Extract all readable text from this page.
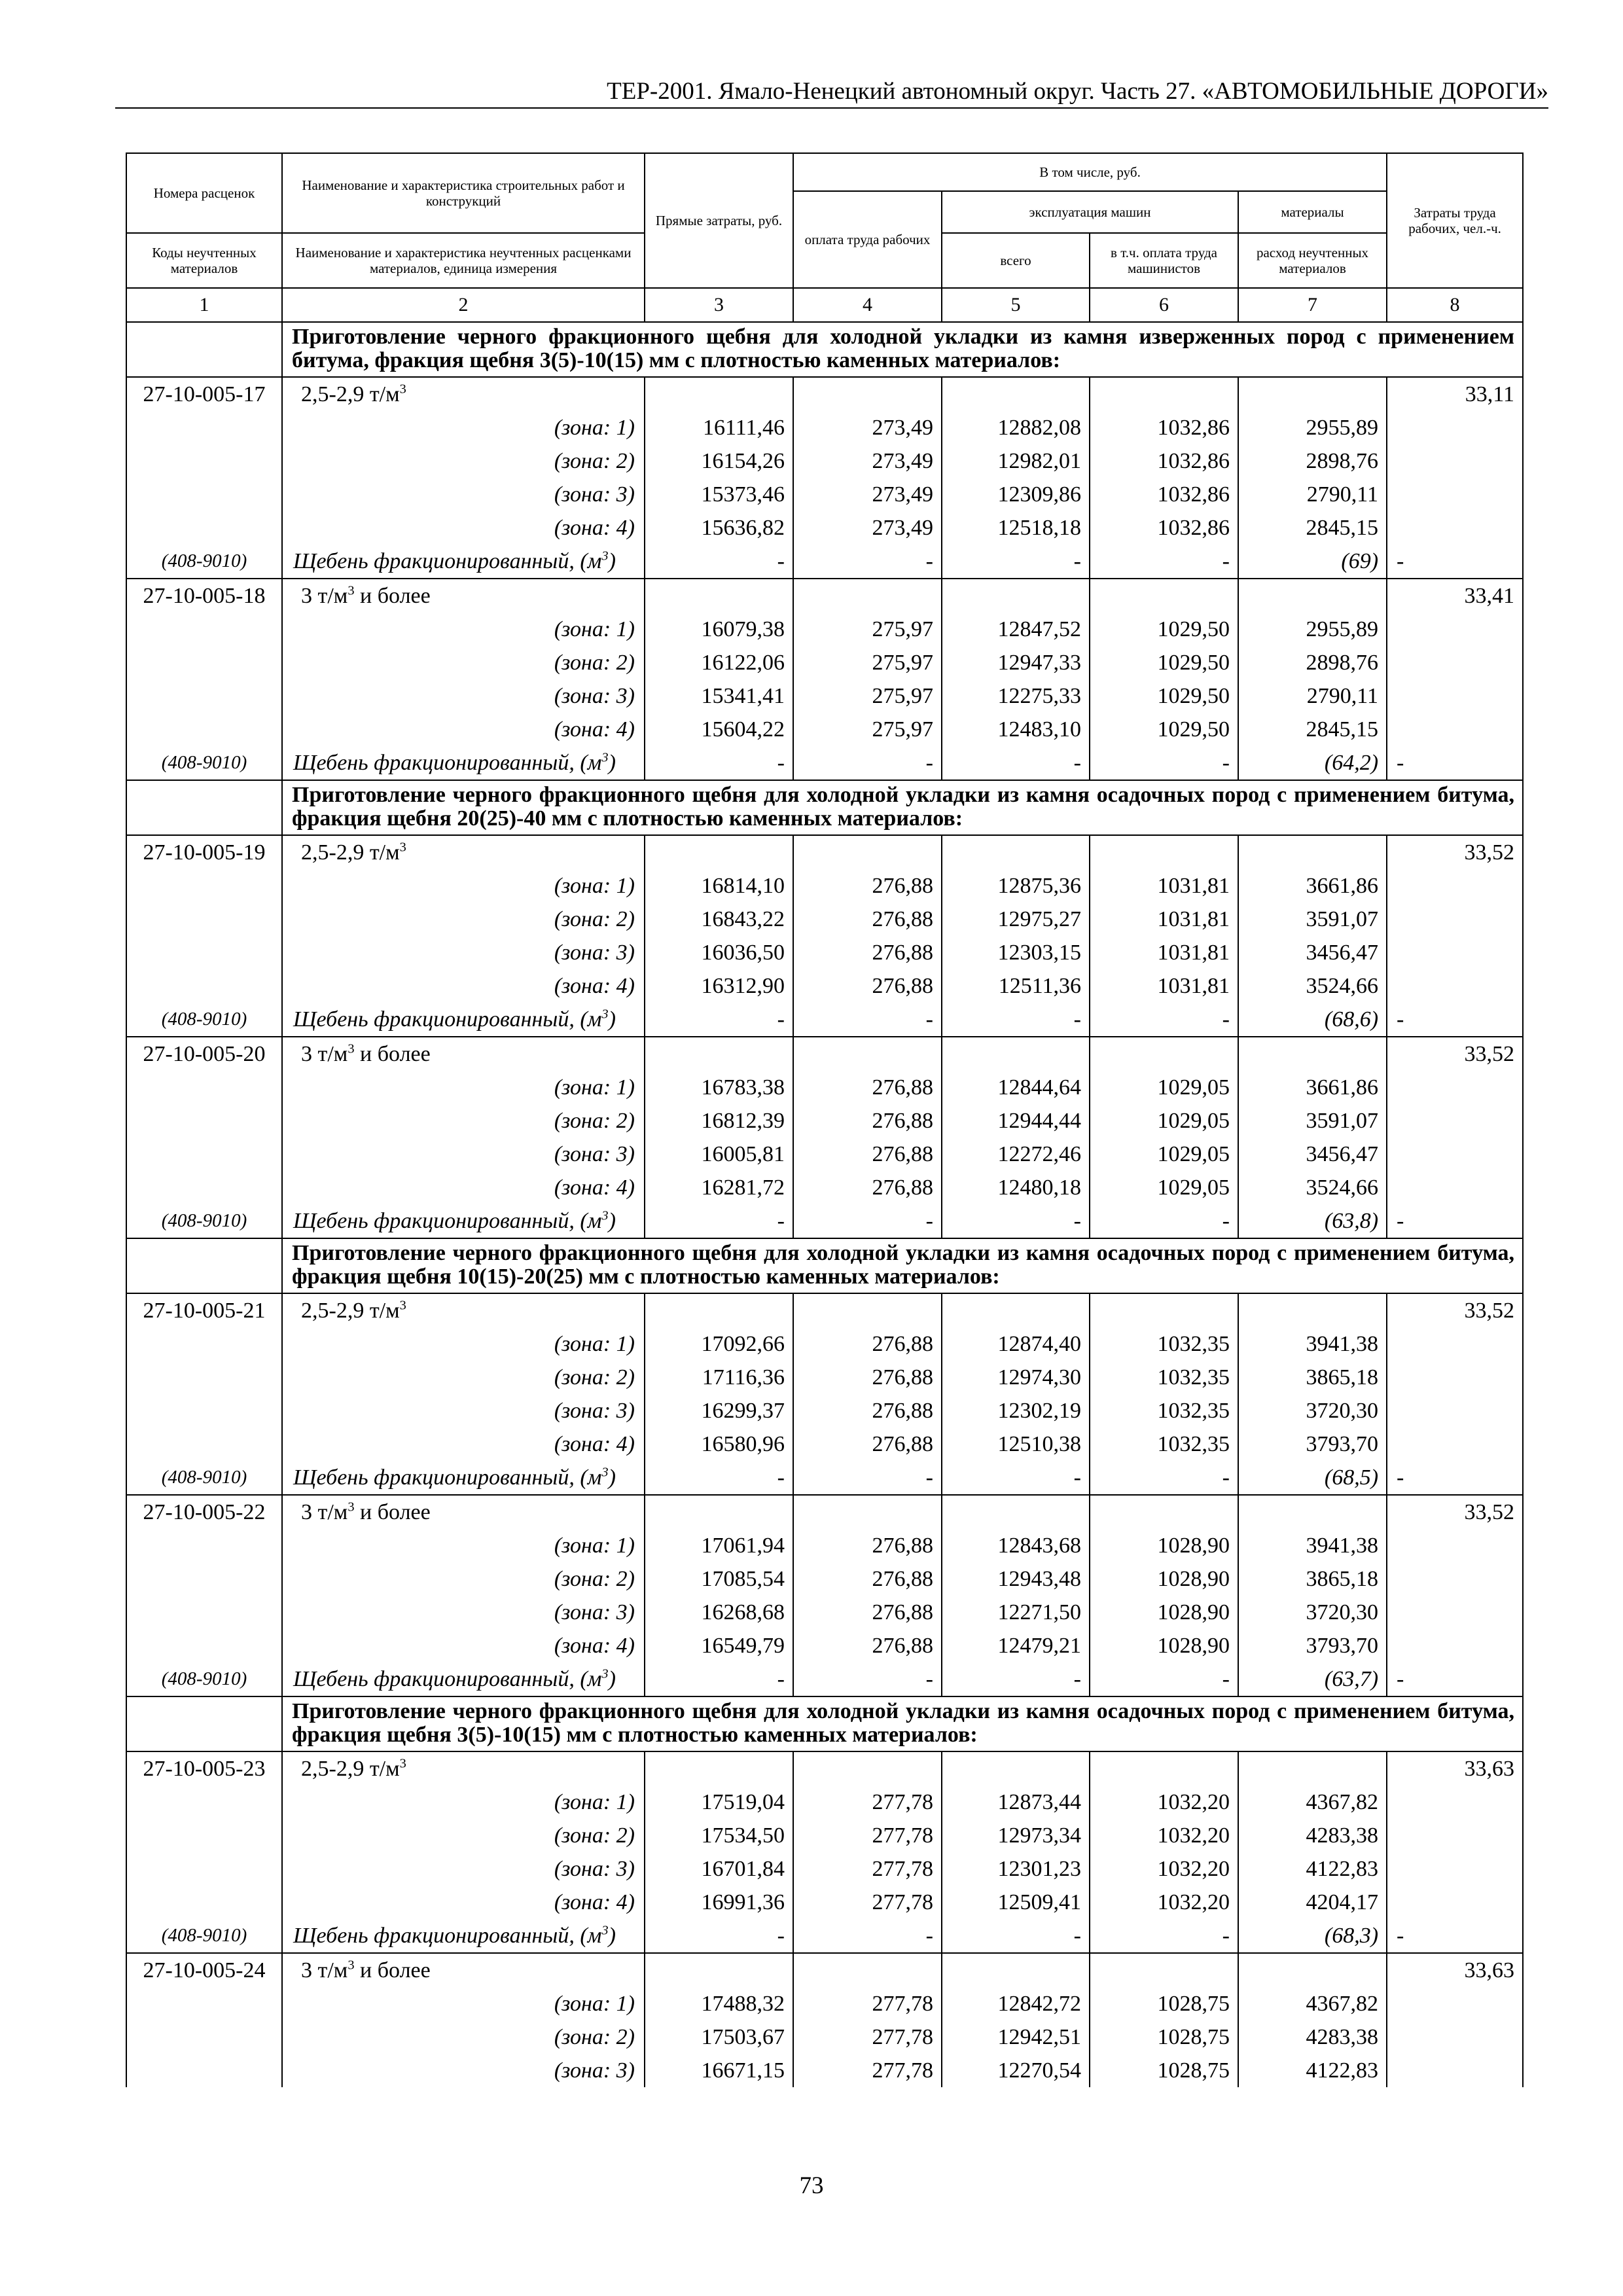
ТЕР-2001. Ямало-Ненецкий автономный округ. Часть 27. «АВТОМОБИЛЬНЫЕ ДОРОГИ»
Номера расценок	Наименование и характеристика строительных работ и конструкций	Прямые затраты, руб.	В том числе, руб.				Затраты труда рабочих, чел.-ч.
			оплата труда рабочих	эксплуатация машин		материалы	
Коды неучтенных материалов	Наименование и характеристика неучтенных расценками материалов, единица измерения			всего	в т.ч. оплата труда машинистов	расход неучтенных материалов	
1	2	3	4	5	6	7	8
	Приготовление черного фракционного щебня для холодной укладки из камня изверженных пород с применением битума, фракция щебня 3(5)-10(15) мм с плотностью каменных материалов:						
27-10-005-17	2,5-2,9 $т/м^3$						33,11
	(зона: 1)	16111,46	273,49	12882,08	1032,86	2955,89	
	(зона: 2)	16154,26	273,49	12982,01	1032,86	2898,76	
	(зона: 3)	15373,46	273,49	12309,86	1032,86	2790,11	
	(зона: 4)	15636,82	273,49	12518,18	1032,86	2845,15	
(408-9010)	Щебень фракционированный, $(м^3)$	-	-	-	-	(69)	-
27-10-005-18	3 $т/м^3$ и более						33,41
	(зона: 1)	16079,38	275,97	12847,52	1029,50	2955,89	
	(зона: 2)	16122,06	275,97	12947,33	1029,50	2898,76	
	(зона: 3)	15341,41	275,97	12275,33	1029,50	2790,11	
	(зона: 4)	15604,22	275,97	12483,10	1029,50	2845,15	
(408-9010)	Щебень фракционированный, $(м^3)$	-	-	-	-	(64,2)	-
	Приготовление черного фракционного щебня для холодной укладки из камня осадочных пород с применением битума, фракция щебня 20(25)-40 мм с плотностью каменных материалов:						
27-10-005-19	2,5-2,9 $т/м^3$						33,52
	(зона: 1)	16814,10	276,88	12875,36	1031,81	3661,86	
	(зона: 2)	16843,22	276,88	12975,27	1031,81	3591,07	
	(зона: 3)	16036,50	276,88	12303,15	1031,81	3456,47	
	(зона: 4)	16312,90	276,88	12511,36	1031,81	3524,66	
(408-9010)	Щебень фракционированный, $(м^3)$	-	-	-	-	(68,6)	-
27-10-005-20	3 $т/м^3$ и более						33,52
	(зона: 1)	16783,38	276,88	12844,64	1029,05	3661,86	
	(зона: 2)	16812,39	276,88	12944,44	1029,05	3591,07	
	(зона: 3)	16005,81	276,88	12272,46	1029,05	3456,47	
	(зона: 4)	16281,72	276,88	12480,18	1029,05	3524,66	
(408-9010)	Щебень фракционированный, $(м^3)$	-	-	-	-	(63,8)	-
	Приготовление черного фракционного щебня для холодной укладки из камня осадочных пород с применением битума, фракция щебня 10(15)-20(25) мм с плотностью каменных материалов:						
27-10-005-21	2,5-2,9 $т/м^3$						33,52
	(зона: 1)	17092,66	276,88	12874,40	1032,35	3941,38	
	(зона: 2)	17116,36	276,88	12974,30	1032,35	3865,18	
	(зона: 3)	16299,37	276,88	12302,19	1032,35	3720,30	
	(зона: 4)	16580,96	276,88	12510,38	1032,35	3793,70	
(408-9010)	Щебень фракционированный, $(м^3)$	-	-	-	-	(68,5)	-
27-10-005-22	3 $т/м^3$ и более						33,52
	(зона: 1)	17061,94	276,88	12843,68	1028,90	3941,38	
	(зона: 2)	17085,54	276,88	12943,48	1028,90	3865,18	
	(зона: 3)	16268,68	276,88	12271,50	1028,90	3720,30	
	(зона: 4)	16549,79	276,88	12479,21	1028,90	3793,70	
(408-9010)	Щебень фракционированный, $(м^3)$	-	-	-	-	(63,7)	-
	Приготовление черного фракционного щебня для холодной укладки из камня осадочных пород с применением битума, фракция щебня 3(5)-10(15) мм с плотностью каменных материалов:						
27-10-005-23	2,5-2,9 $т/м^3$						33,63
	(зона: 1)	17519,04	277,78	12873,44	1032,20	4367,82	
	(зона: 2)	17534,50	277,78	12973,34	1032,20	4283,38	
	(зона: 3)	16701,84	277,78	12301,23	1032,20	4122,83	
	(зона: 4)	16991,36	277,78	12509,41	1032,20	4204,17	
(408-9010)	Щебень фракционированный, $(м^3)$	-	-	-	-	(68,3)	-
27-10-005-24	3 $т/м^3$ и более						33,63
	(зона: 1)	17488,32	277,78	12842,72	1028,75	4367,82	
	(зона: 2)	17503,67	277,78	12942,51	1028,75	4283,38	
	(зона: 3)	16671,15	277,78	12270,54	1028,75	4122,83	
73
